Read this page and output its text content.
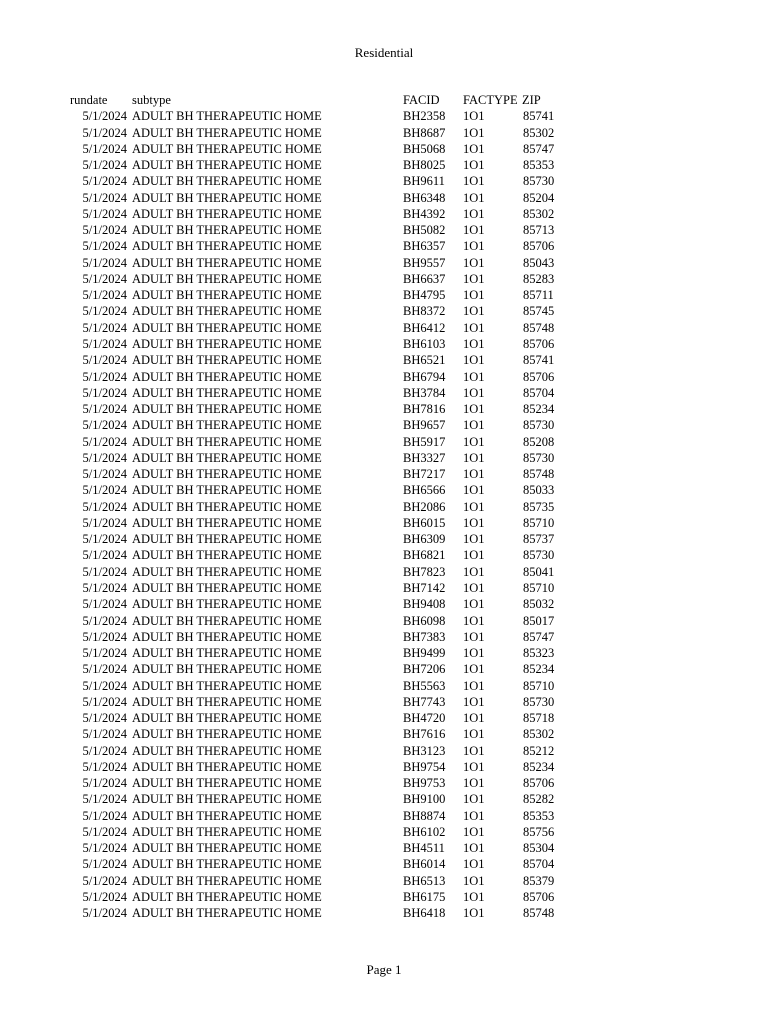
Residential
rundate subtype	FACID FACTYPE ZIP
5/1/2024 ADULT BH THERAPEUTIC HOME	BH2358 1O1	85741
5/1/2024 ADULT BH THERAPEUTIC HOME	BH8687 1O1	85302
5/1/2024 ADULT BH THERAPEUTIC HOME	BH5068 1O1	85747
5/1/2024 ADULT BH THERAPEUTIC HOME	BH8025 1O1	85353
5/1/2024 ADULT BH THERAPEUTIC HOME	BH9611 1O1	85730
5/1/2024 ADULT BH THERAPEUTIC HOME	BH6348 1O1	85204
5/1/2024 ADULT BH THERAPEUTIC HOME	BH4392 1O1	85302
5/1/2024 ADULT BH THERAPEUTIC HOME	BH5082 1O1	85713
5/1/2024 ADULT BH THERAPEUTIC HOME	BH6357 1O1	85706
5/1/2024 ADULT BH THERAPEUTIC HOME	BH9557 1O1	85043
5/1/2024 ADULT BH THERAPEUTIC HOME	BH6637 1O1	85283
5/1/2024 ADULT BH THERAPEUTIC HOME	BH4795 1O1	85711
5/1/2024 ADULT BH THERAPEUTIC HOME	BH8372 1O1	85745
5/1/2024 ADULT BH THERAPEUTIC HOME	BH6412 1O1	85748
5/1/2024 ADULT BH THERAPEUTIC HOME	BH6103 1O1	85706
5/1/2024 ADULT BH THERAPEUTIC HOME	BH6521 1O1	85741
5/1/2024 ADULT BH THERAPEUTIC HOME	BH6794 1O1	85706
5/1/2024 ADULT BH THERAPEUTIC HOME	BH3784 1O1	85704
5/1/2024 ADULT BH THERAPEUTIC HOME	BH7816 1O1	85234
5/1/2024 ADULT BH THERAPEUTIC HOME	BH9657 1O1	85730
5/1/2024 ADULT BH THERAPEUTIC HOME	BH5917 1O1	85208
5/1/2024 ADULT BH THERAPEUTIC HOME	BH3327 1O1	85730
5/1/2024 ADULT BH THERAPEUTIC HOME	BH7217 1O1	85748
5/1/2024 ADULT BH THERAPEUTIC HOME	BH6566 1O1	85033
5/1/2024 ADULT BH THERAPEUTIC HOME	BH2086 1O1	85735
5/1/2024 ADULT BH THERAPEUTIC HOME	BH6015 1O1	85710
5/1/2024 ADULT BH THERAPEUTIC HOME	BH6309 1O1	85737
5/1/2024 ADULT BH THERAPEUTIC HOME	BH6821 1O1	85730
5/1/2024 ADULT BH THERAPEUTIC HOME	BH7823 1O1	85041
5/1/2024 ADULT BH THERAPEUTIC HOME	BH7142 1O1	85710
5/1/2024 ADULT BH THERAPEUTIC HOME	BH9408 1O1	85032
5/1/2024 ADULT BH THERAPEUTIC HOME	BH6098 1O1	85017
5/1/2024 ADULT BH THERAPEUTIC HOME	BH7383 1O1	85747
5/1/2024 ADULT BH THERAPEUTIC HOME	BH9499 1O1	85323
5/1/2024 ADULT BH THERAPEUTIC HOME	BH7206 1O1	85234
5/1/2024 ADULT BH THERAPEUTIC HOME	BH5563 1O1	85710
5/1/2024 ADULT BH THERAPEUTIC HOME	BH7743 1O1	85730
5/1/2024 ADULT BH THERAPEUTIC HOME	BH4720 1O1	85718
5/1/2024 ADULT BH THERAPEUTIC HOME	BH7616 1O1	85302
5/1/2024 ADULT BH THERAPEUTIC HOME	BH3123 1O1	85212
5/1/2024 ADULT BH THERAPEUTIC HOME	BH9754 1O1	85234
5/1/2024 ADULT BH THERAPEUTIC HOME	BH9753 1O1	85706
5/1/2024 ADULT BH THERAPEUTIC HOME	BH9100 1O1	85282
5/1/2024 ADULT BH THERAPEUTIC HOME	BH8874 1O1	85353
5/1/2024 ADULT BH THERAPEUTIC HOME	BH6102 1O1	85756
5/1/2024 ADULT BH THERAPEUTIC HOME	BH4511 1O1	85304
5/1/2024 ADULT BH THERAPEUTIC HOME	BH6014 1O1	85704
5/1/2024 ADULT BH THERAPEUTIC HOME	BH6513 1O1	85379
5/1/2024 ADULT BH THERAPEUTIC HOME	BH6175 1O1	85706
5/1/2024 ADULT BH THERAPEUTIC HOME	BH6418 1O1	85748
Page 1
